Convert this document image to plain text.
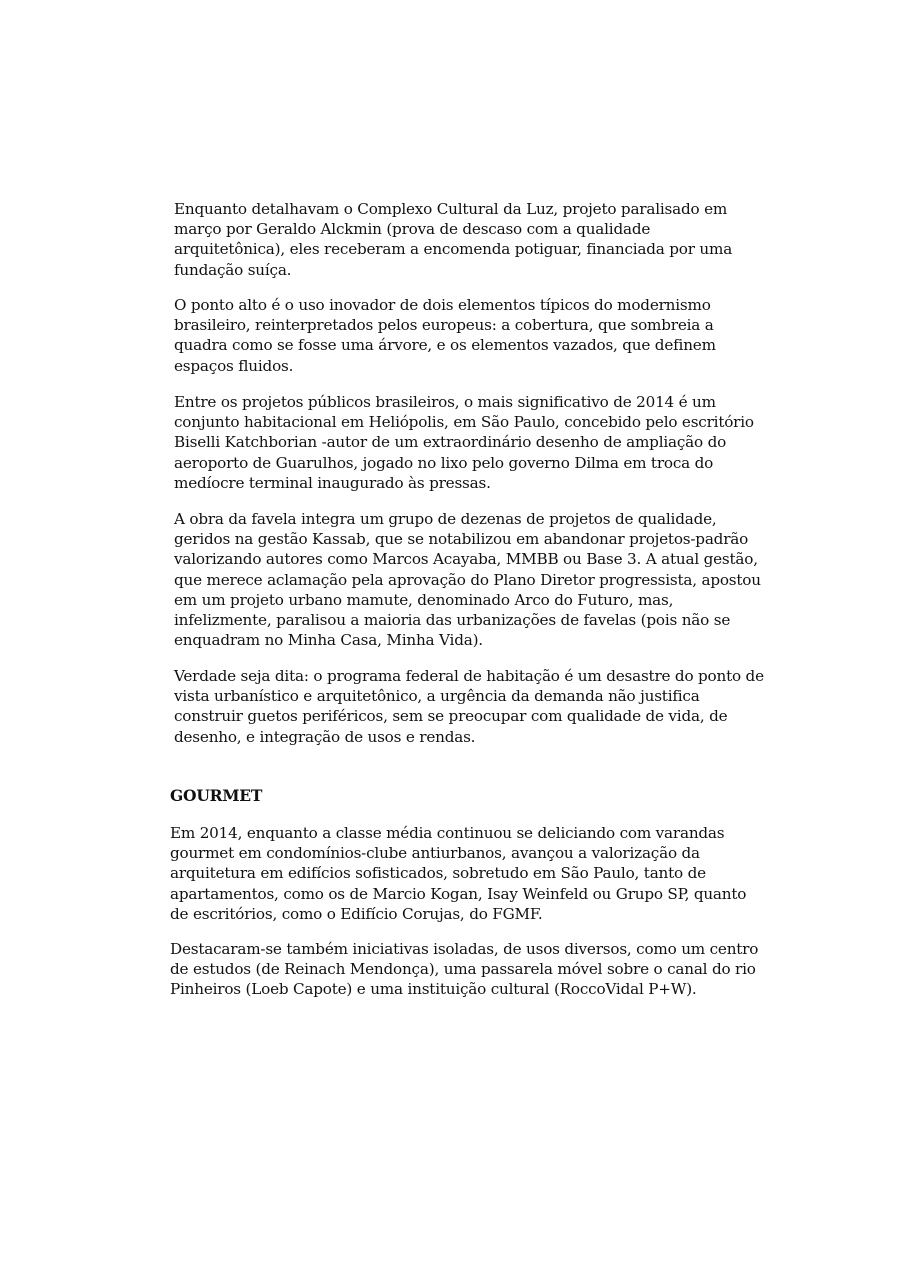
Enquanto detalhavam o Complexo Cultural da Luz, projeto paralisado em
março por Geraldo Alckmin (prova de descaso com a qualidade
arquitetônica), eles receberam a encomenda potiguar, financiada por uma
fundação suíça.

O ponto alto é o uso inovador de dois elementos típicos do modernismo
brasileiro, reinterpretados pelos europeus: a cobertura, que sombreia a
quadra como se fosse uma árvore, e os elementos vazados, que definem
espaços fluidos.

Entre os projetos públicos brasileiros, o mais significativo de 2014 é um
conjunto habitacional em Heliópolis, em São Paulo, concebido pelo escritório
Biselli Katchborian -autor de um extraordinário desenho de ampliação do
aeroporto de Guarulhos, jogado no lixo pelo governo Dilma em troca do
medíocre terminal inaugurado às pressas.

A obra da favela integra um grupo de dezenas de projetos de qualidade,
geridos na gestão Kassab, que se notabilizou em abandonar projetos-padrão
valorizando autores como Marcos Acayaba, MMBB ou Base 3. A atual gestão,
que merece aclamação pela aprovação do Plano Diretor progressista, apostou
em um projeto urbano mamute, denominado Arco do Futuro, mas,
infelizmente, paralisou a maioria das urbanizações de favelas (pois não se
enquadram no Minha Casa, Minha Vida).

Verdade seja dita: o programa federal de habitação é um desastre do ponto de
vista urbanístico e arquitetônico, a urgência da demanda não justifica
construir guetos periféricos, sem se preocupar com qualidade de vida, de
desenho, e integração de usos e rendas.

GOURMET

Em 2014, enquanto a classe média continuou se deliciando com varandas
gourmet em condomínios-clube antiurbanos, avançou a valorização da
arquitetura em edifícios sofisticados, sobretudo em São Paulo, tanto de
apartamentos, como os de Marcio Kogan, Isay Weinfeld ou Grupo SP, quanto
de escritórios, como o Edifício Corujas, do FGMF.

Destacaram-se também iniciativas isoladas, de usos diversos, como um centro
de estudos (de Reinach Mendonça), uma passarela móvel sobre o canal do rio
Pinheiros (Loeb Capote) e uma instituição cultural (RoccoVidal P+W).
